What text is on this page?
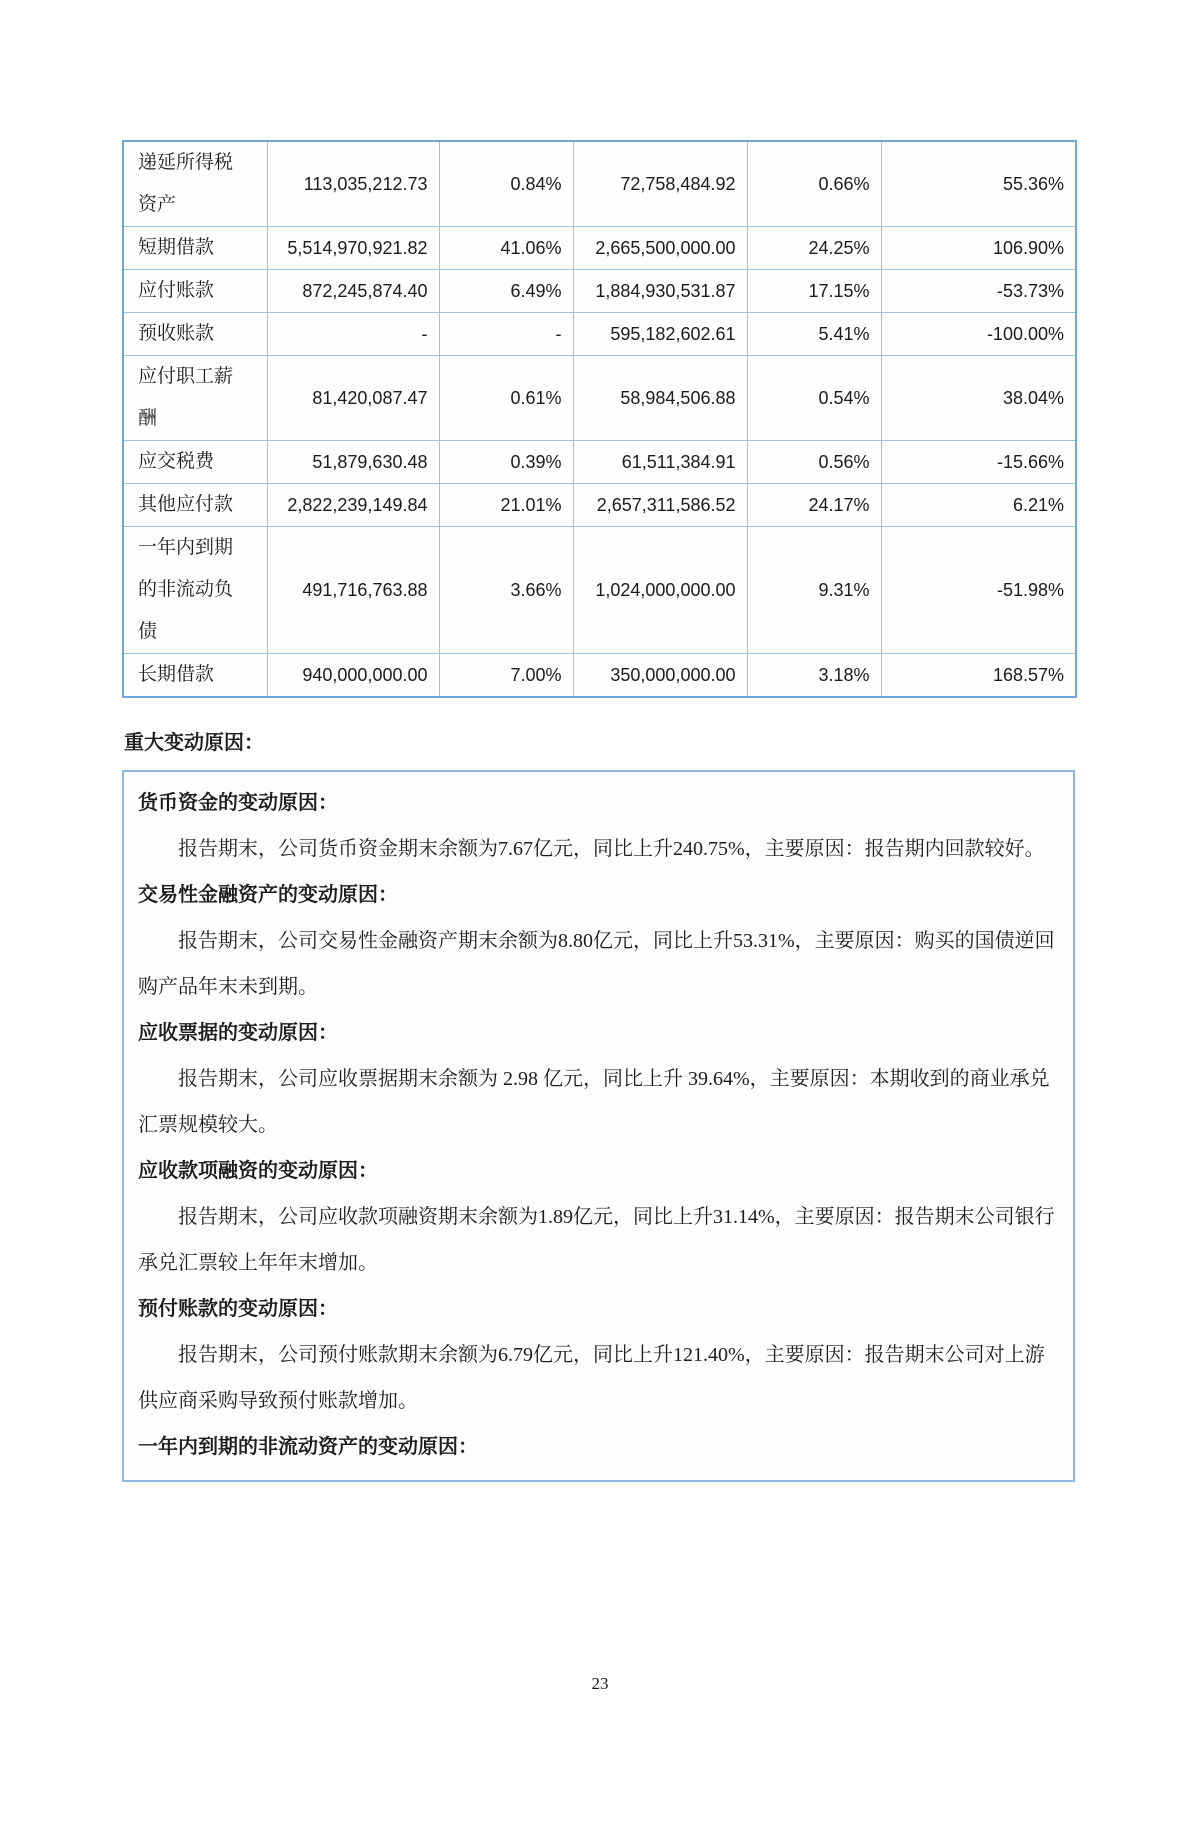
递延所得税资产	113,035,212.73	0.84%	72,758,484.92	0.66%	55.36%
短期借款	5,514,970,921.82	41.06%	2,665,500,000.00	24.25%	106.90%
应付账款	872,245,874.40	6.49%	1,884,930,531.87	17.15%	-53.73%
预收账款	-	-	595,182,602.61	5.41%	-100.00%
应付职工薪酬	81,420,087.47	0.61%	58,984,506.88	0.54%	38.04%
应交税费	51,879,630.48	0.39%	61,511,384.91	0.56%	-15.66%
其他应付款	2,822,239,149.84	21.01%	2,657,311,586.52	24.17%	6.21%
一年内到期的非流动负债	491,716,763.88	3.66%	1,024,000,000.00	9.31%	-51.98%
长期借款	940,000,000.00	7.00%	350,000,000.00	3.18%	168.57%
重大变动原因：
货币资金的变动原因：

报告期末，公司货币资金期末余额为7.67亿元，同比上升240.75%，主要原因：报告期内回款较好。

交易性金融资产的变动原因：

报告期末，公司交易性金融资产期末余额为8.80亿元，同比上升53.31%，主要原因：购买的国债逆回购产品年末未到期。

应收票据的变动原因：

报告期末，公司应收票据期末余额为 2.98 亿元，同比上升 39.64%，主要原因：本期收到的商业承兑汇票规模较大。

应收款项融资的变动原因：

报告期末，公司应收款项融资期末余额为1.89亿元，同比上升31.14%，主要原因：报告期末公司银行承兑汇票较上年年末增加。

预付账款的变动原因：

报告期末，公司预付账款期末余额为6.79亿元，同比上升121.40%，主要原因：报告期末公司对上游供应商采购导致预付账款增加。

一年内到期的非流动资产的变动原因：
23
